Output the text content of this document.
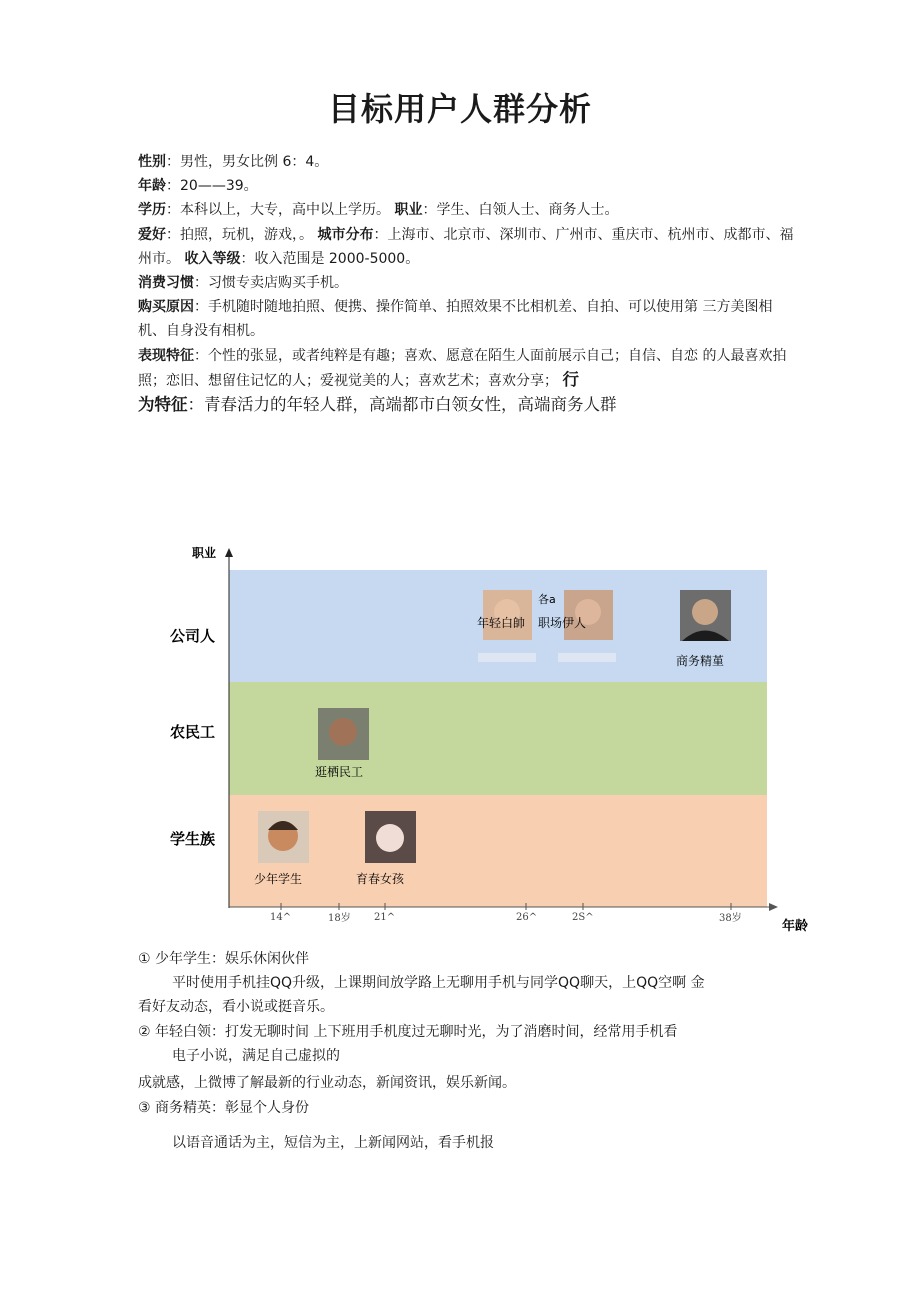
目标用户人群分析

性别：男性，男女比例 6：4。

年龄：20——39。

学历：本科以上，大专，高中以上学历。 职业：学生、白领人士、商务人士。

爱好：拍照，玩机，游戏，。 城市分布：上海市、北京市、深圳市、广州市、重庆市、杭州市、成都市、福州市。 收入等级：收入范围是 2000-5000。

消费习惯：习惯专卖店购买手机。

购买原因：手机随时随地拍照、便携、操作简单、拍照效果不比相机差、自拍、可以使用第 三方美图相机、自身没有相机。

表现特征：个性的张显，或者纯粹是有趣；喜欢、愿意在陌生人面前展示自己；自信、自恋 的人最喜欢拍照；恋旧、想留住记忆的人；爱视觉美的人；喜欢艺术；喜欢分享； 行
为特征：青春活力的年轻人群，高端都市白领女性，高端商务人群

职业
年龄
公司人
农民工
学生族
14^	18岁 21^	26^	2S^	38岁
年轻白帥 职场伊人
各a
商务精堇
逛栖民工
少年学生	育春女孩
① 少年学生：娱乐休闲伙伴
平时使用手机挂QQ升级，上课期间放学路上无聊用手机与同学QQ聊天，上QQ空啊 金
看好友动态，看小说或挺音乐。
② 年轻白领：打发无聊时间 上下班用手机度过无聊时光，为了消磨时间，经常用手机看
电子小说，满足自己虚拟的
成就感，上微博了解最新的行业动态，新闻资讯，娱乐新闻。
③ 商务精英：彰显个人身份
以语音通话为主，短信为主，上新闻网站，看手机报
